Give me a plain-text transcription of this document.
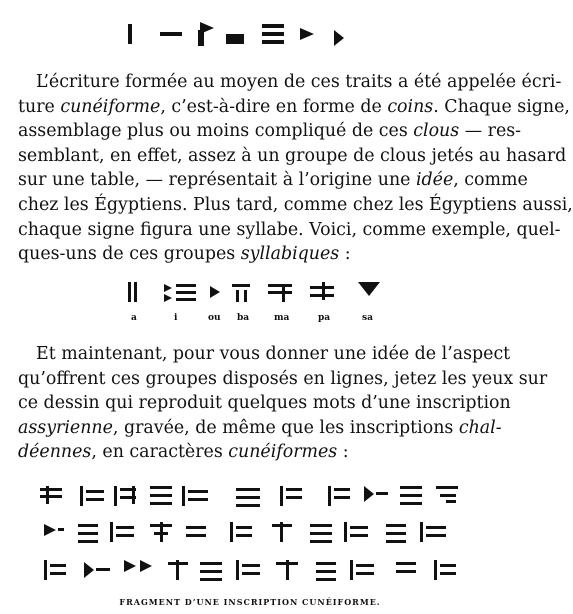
L’écriture formée au moyen de ces traits a été appelée écri-
ture cunéiforme, c’est-à-dire en forme de coins. Chaque signe,
assemblage plus ou moins compliqué de ces clous — res-
semblant, en effet, assez à un groupe de clous jetés au hasard
sur une table, — représentait à l’origine une idée, comme
chez les Égyptiens. Plus tard, comme chez les Égyptiens aussi,
chaque signe figura une syllabe. Voici, comme exemple, quel-
ques-uns de ces groupes syllabiques :
a	i	ou ba	ma	pa	sa
Et maintenant, pour vous donner une idée de l’aspect
qu’offrent ces groupes disposés en lignes, jetez les yeux sur
ce dessin qui reproduit quelques mots d’une inscription
assyrienne, gravée, de même que les inscriptions chal-
déennes, en caractères cunéiformes :
FRAGMENT D’UNE INSCRIPTION CUNÉIFORME.
